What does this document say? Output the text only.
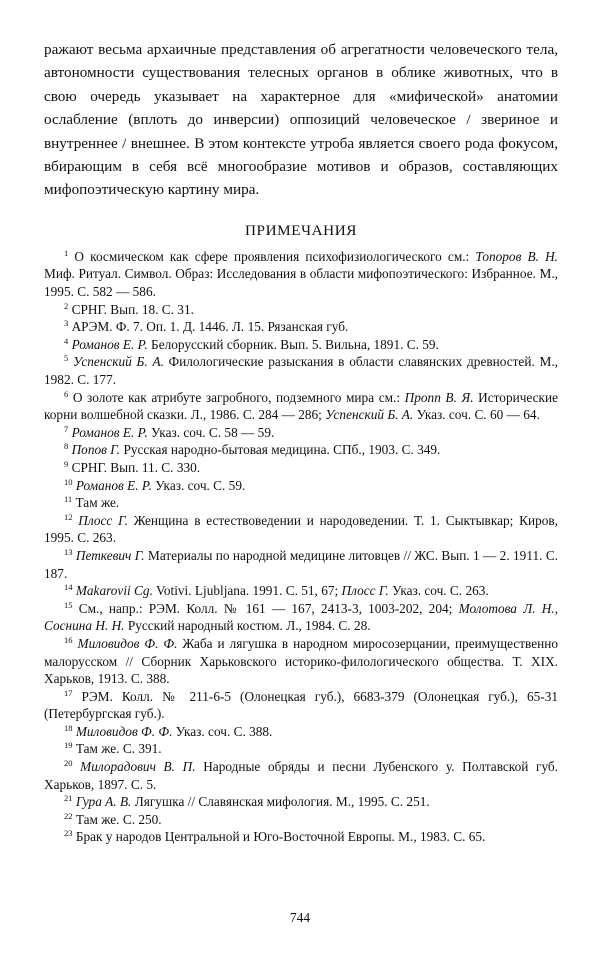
ражают весьма архаичные представления об агрегатности человеческого тела, автономности существования телесных органов в облике животных, что в свою очередь указывает на характерное для «мифической» анатомии ослабление (вплоть до инверсии) оппозиций человеческое / звериное и внутреннее / внешнее. В этом контексте утроба является своего рода фокусом, вбирающим в себя всё многообразие мотивов и образов, составляющих мифопоэтическую картину мира.

ПРИМЕЧАНИЯ

$^1$ О космическом как сфере проявления психофизиологического см.: Топоров В. Н. Миф. Ритуал. Символ. Образ: Исследования в области мифопоэтического: Избранное. М., 1995. С. 582 — 586.

$^2$ СРНГ. Вып. 18. С. 31.

$^3$ АРЭМ. Ф. 7. Оп. 1. Д. 1446. Л. 15. Рязанская губ.

$^4$ Романов Е. Р. Белорусский сборник. Вып. 5. Вильна, 1891. С. 59.

$^5$ Успенский Б. А. Филологические разыскания в области славянских древностей. М., 1982. С. 177.

$^6$ О золоте как атрибуте загробного, подземного мира см.: Пропп В. Я. Исторические корни волшебной сказки. Л., 1986. С. 284 — 286; Успенский Б. А. Указ. соч. С. 60 — 64.

$^7$ Романов Е. Р. Указ. соч. С. 58 — 59.

$^8$ Попов Г. Русская народно-бытовая медицина. СПб., 1903. С. 349.

$^9$ СРНГ. Вып. 11. С. 330.

$^{10}$ Романов Е. Р. Указ. соч. С. 59.

$^{11}$ Там же.

$^{12}$ Плосс Г. Женщина в естествоведении и народоведении. Т. 1. Сыктывкар; Киров, 1995. С. 263.

$^{13}$ Петкевич Г. Материалы по народной медицине литовцев // ЖС. Вып. 1 — 2. 1911. С. 187.

$^{14}$ Makarovii Cg. Votivi. Ljubljana. 1991. C. 51, 67; Плосс Г. Указ. соч. С. 263.

$^{15}$ См., напр.: РЭМ. Колл. № 161 — 167, 2413-3, 1003-202, 204; Молотова Л. Н., Соснина Н. Н. Русский народный костюм. Л., 1984. С. 28.

$^{16}$ Миловидов Ф. Ф. Жаба и лягушка в народном миросозерцании, преимущественно малорусском // Сборник Харьковского историко-филологического общества. Т. XIX. Харьков, 1913. С. 388.

$^{17}$ РЭМ. Колл. № 211-6-5 (Олонецкая губ.), 6683-379 (Олонецкая губ.), 65-31 (Петербургская губ.).

$^{18}$ Миловидов Ф. Ф. Указ. соч. С. 388.

$^{19}$ Там же. С. 391.

$^{20}$ Милорадович В. П. Народные обряды и песни Лубенского у. Полтавской губ. Харьков, 1897. С. 5.

$^{21}$ Гура А. В. Лягушка // Славянская мифология. М., 1995. С. 251.

$^{22}$ Там же. С. 250.

$^{23}$ Брак у народов Центральной и Юго-Восточной Европы. М., 1983. С. 65.

744
